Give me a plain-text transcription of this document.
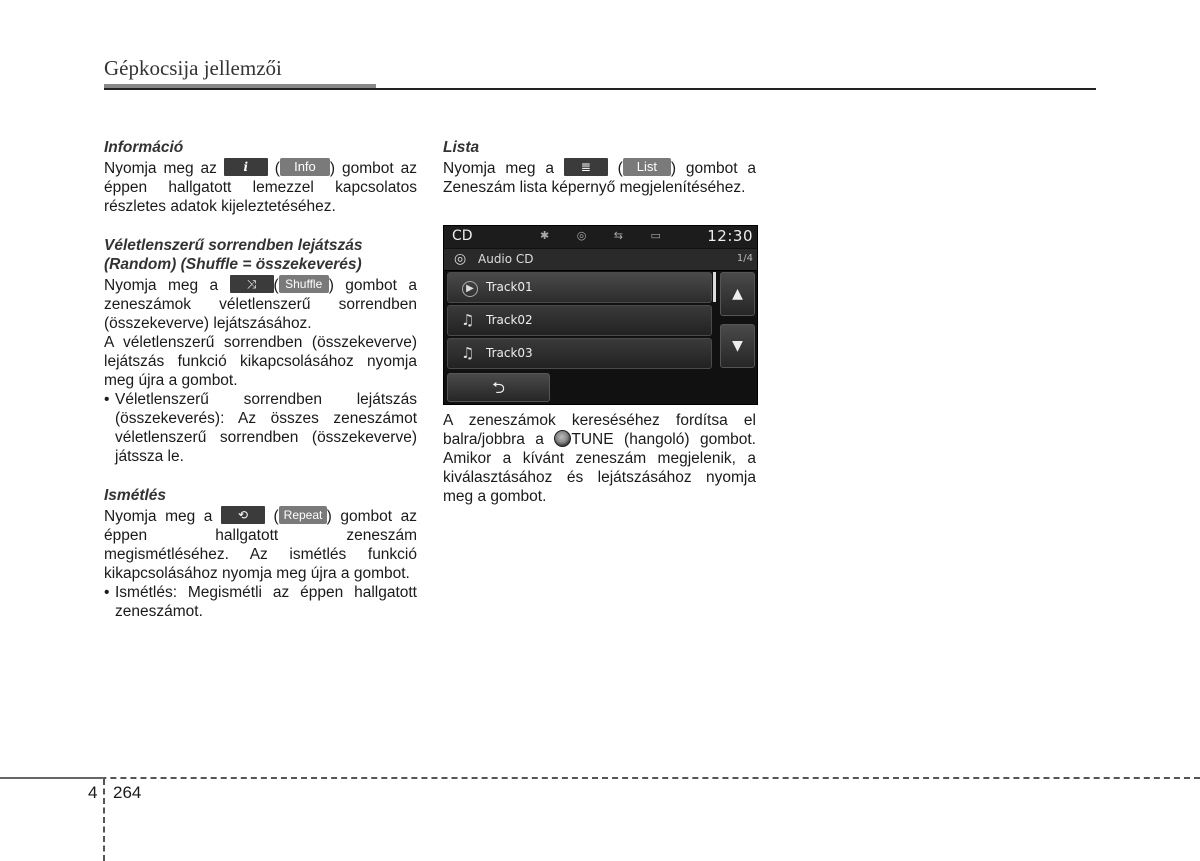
Gépkocsija jellemzői

Információ

Nyomja meg az i ( Info ) gombot az éppen hallgatott lemezzel kapcsolatos részletes adatok kijeleztetéséhez.

Véletlenszerű sorrendben lejátszás (Random) (Shuffle = összekeverés)

Nyomja meg a ⤨ ( Shuffle ) gombot a zeneszámok véletlenszerű sorrendben (összekeverve) lejátszásához.

A véletlenszerű sorrendben (összekeverve) lejátszás funkció kikapcsolásához nyomja meg újra a gombot.

• Véletlenszerű sorrendben lejátszás (összekeverés): Az összes zeneszámot véletlenszerű sorrendben (összekeverve) játssza le.

Ismétlés

Nyomja meg a ⟲ ( Repeat ) gombot az éppen hallgatott zeneszám megismétléséhez. Az ismétlés funkció kikapcsolásához nyomja meg újra a gombot.

• Ismétlés: Megismétli az éppen hallgatott zeneszámot.

Lista

Nyomja meg a ≣ ( List ) gombot a Zeneszám lista képernyő megjelenítéséhez.

CD	✱ ◎ ⇆ ▭ 12:30
◎ Audio CD	1/4
▶	Track01
♫ Track02
♫ Track03
▲
▼
⮌

A zeneszámok kereséséhez fordítsa el balra/jobbra a TUNE (hangoló) gombot. Amikor a kívánt zeneszám megjelenik, a kiválasztásához és lejátszásához nyomja meg a gombot.

4 264
